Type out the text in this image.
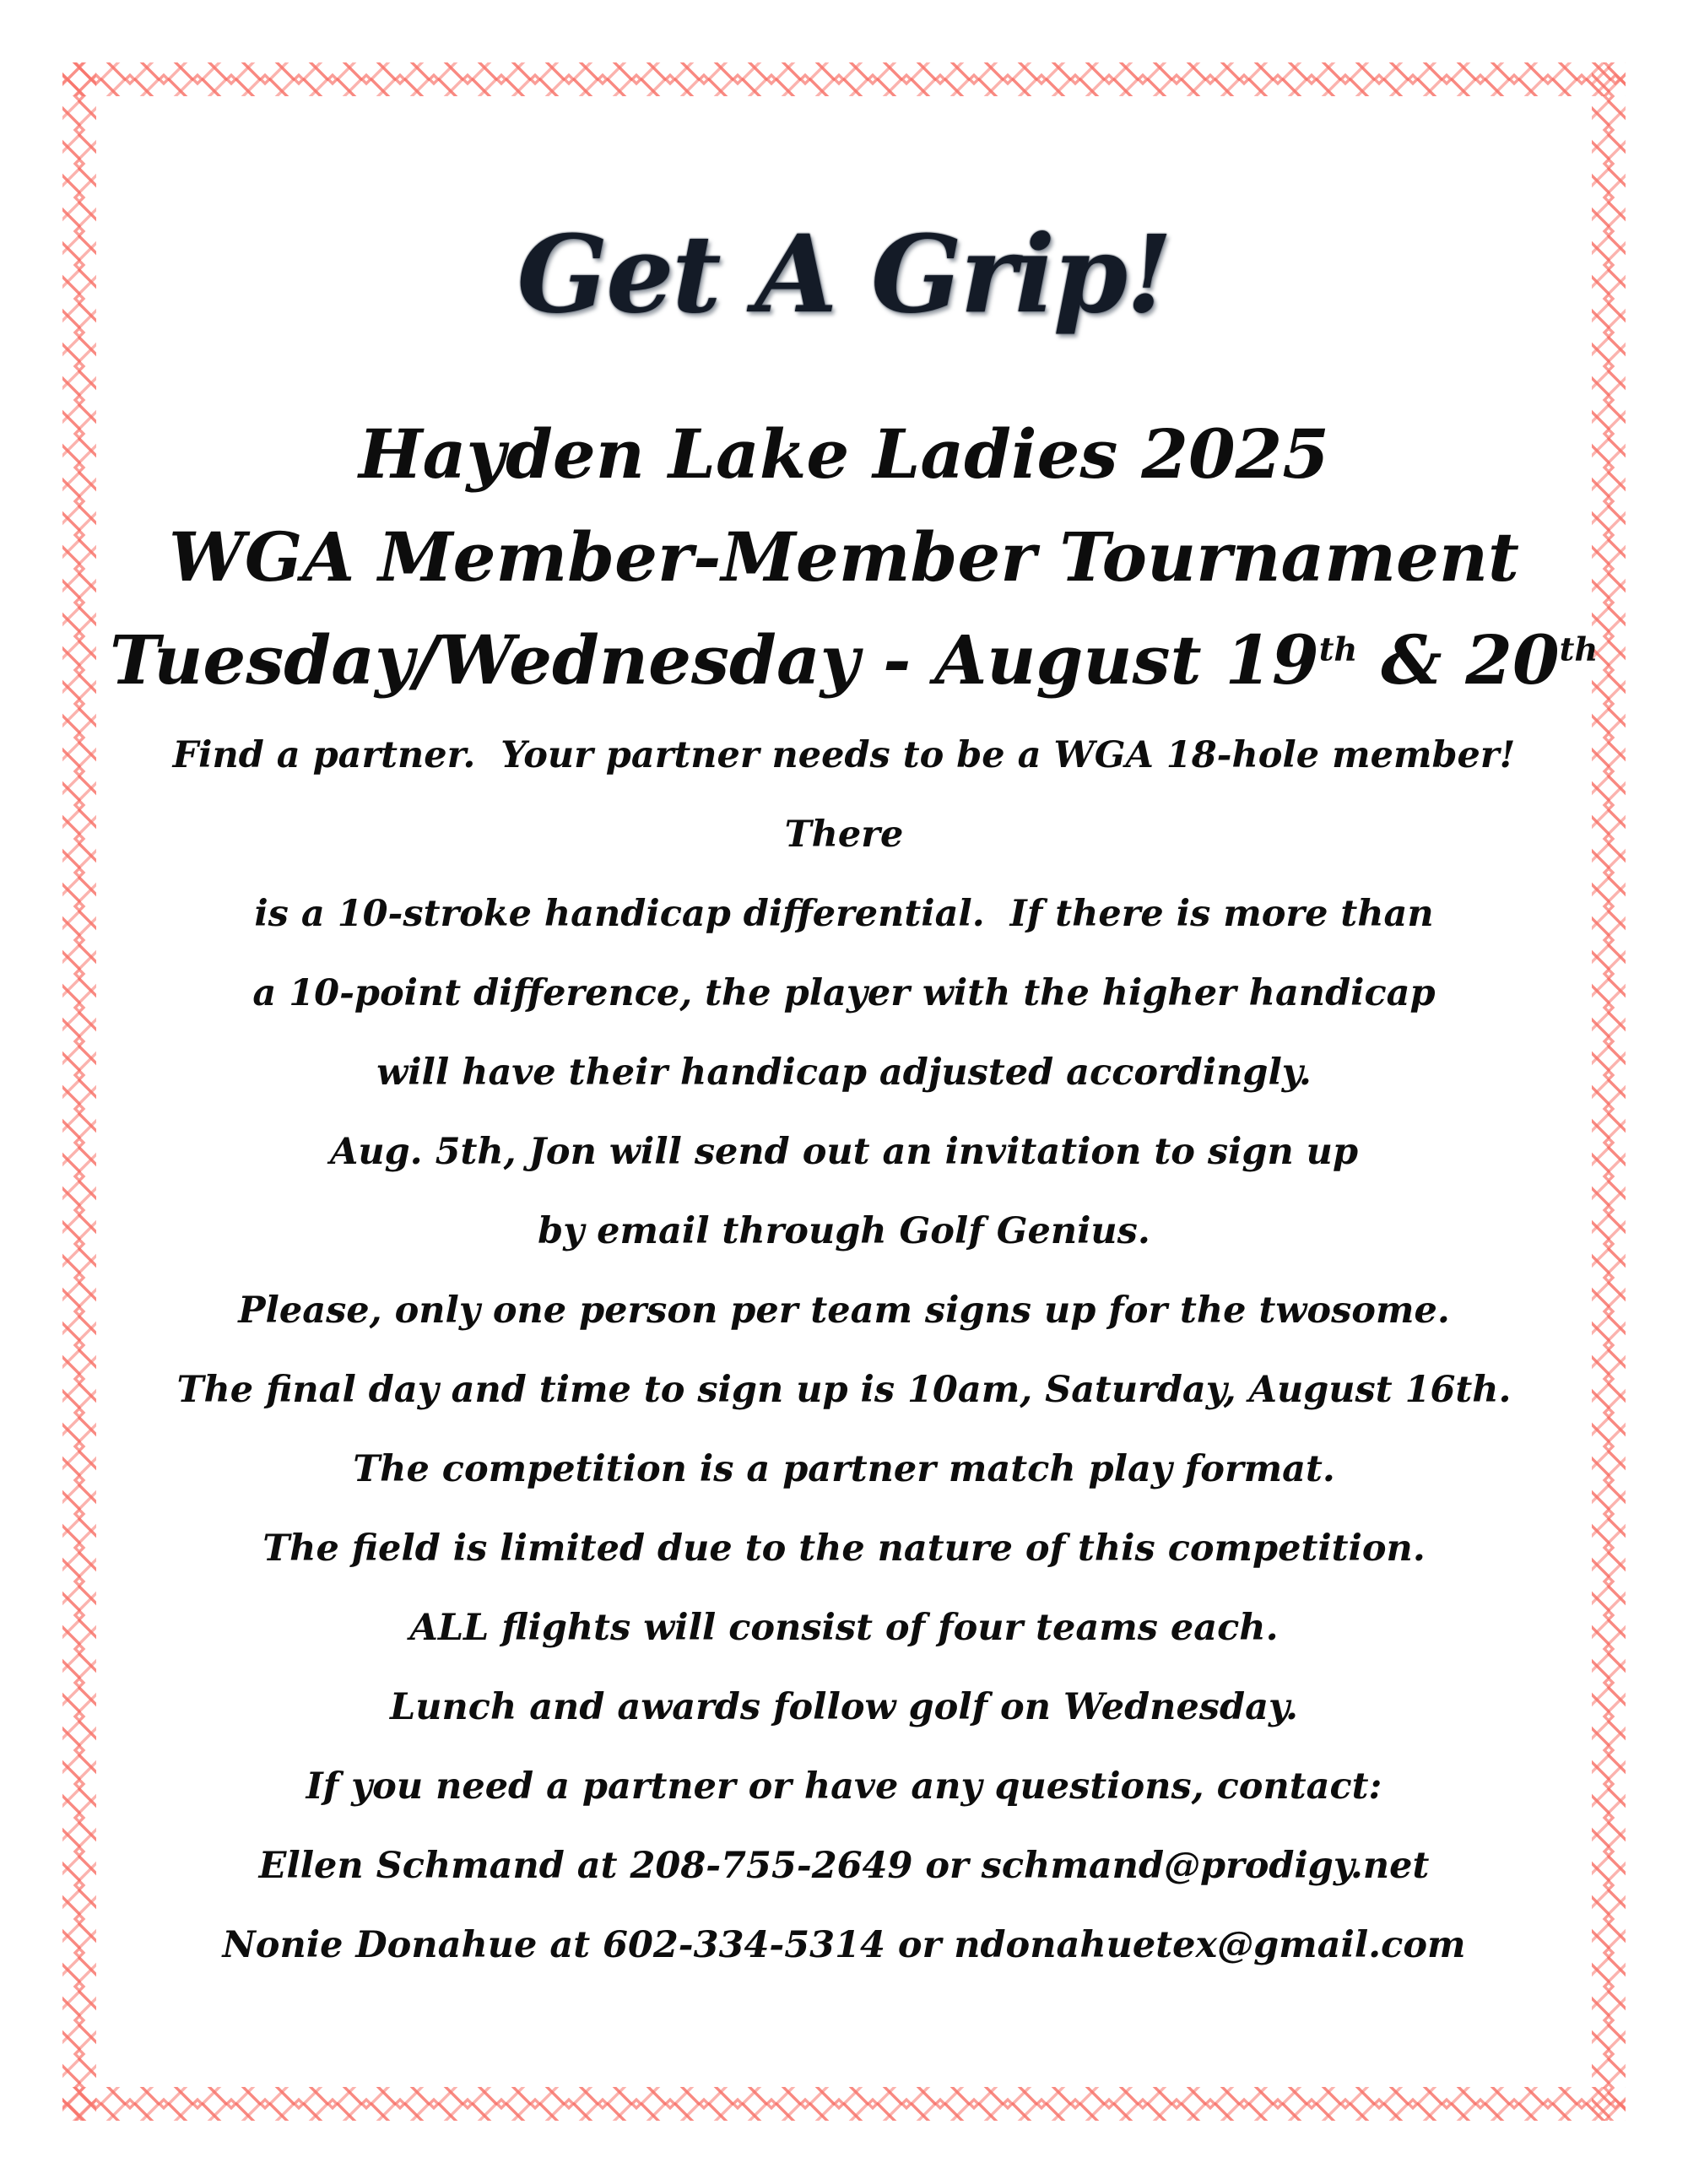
Get A Grip!
Hayden Lake Ladies 2025
WGA Member-Member Tournament
Tuesday/Wednesday - August 19th & 20th
Find a partner.  Your partner needs to be a WGA 18-hole member! There
is a 10-stroke handicap differential.  If there is more than
a 10-point difference, the player with the higher handicap
will have their handicap adjusted accordingly.
Aug. 5th, Jon will send out an invitation to sign up
by email through Golf Genius.
Please, only one person per team signs up for the twosome.
The final day and time to sign up is 10am, Saturday, August 16th.
The competition is a partner match play format.
The field is limited due to the nature of this competition.
ALL flights will consist of four teams each.
Lunch and awards follow golf on Wednesday.
If you need a partner or have any questions, contact:
Ellen Schmand at 208-755-2649 or schmand@prodigy.net
Nonie Donahue at 602-334-5314 or ndonahuetex@gmail.com
